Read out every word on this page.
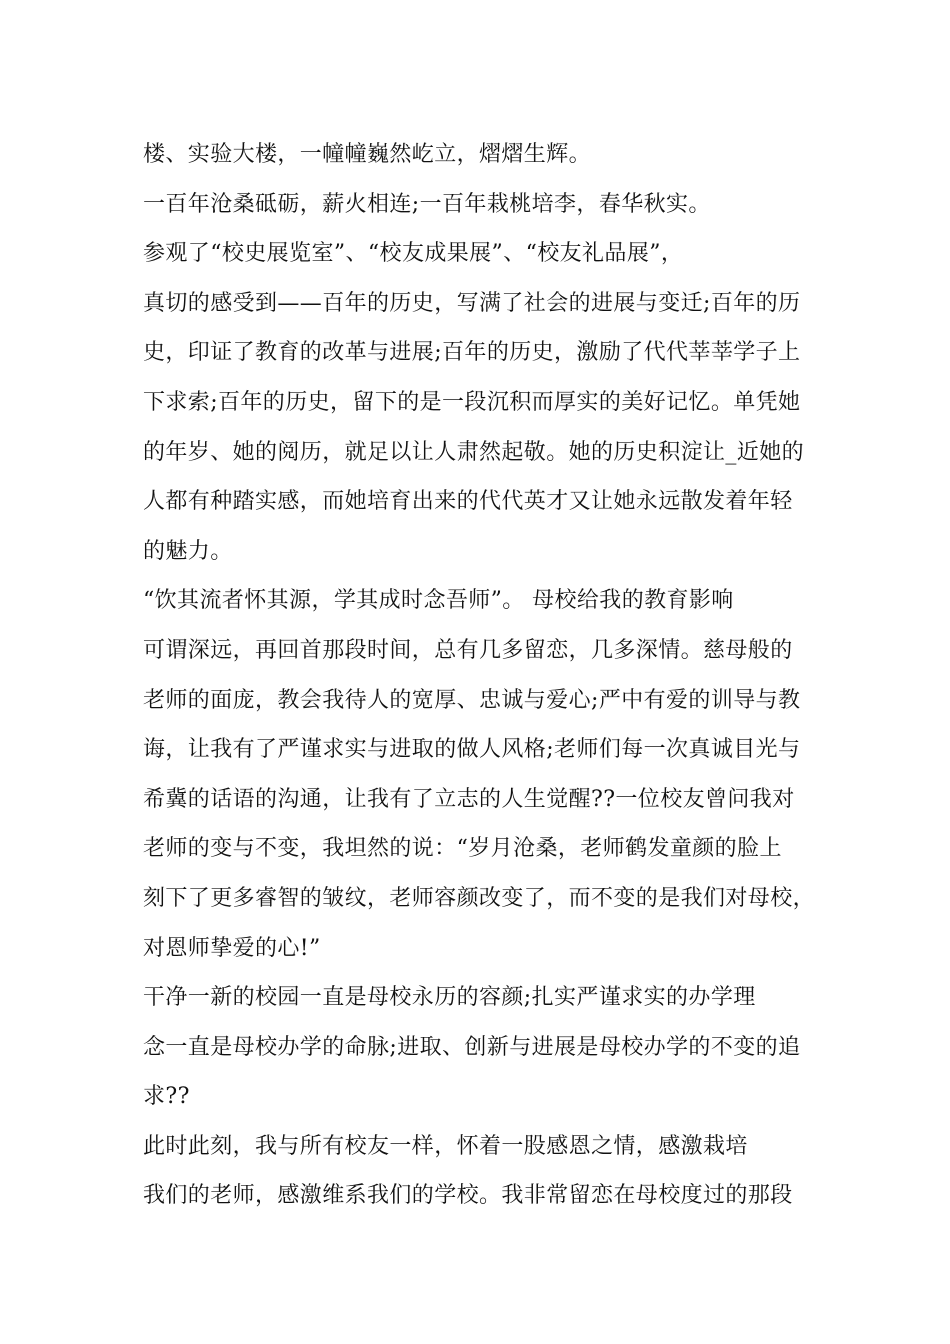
楼、实验大楼，一幢幢巍然屹立，熠熠生辉。
一百年沧桑砥砺，薪火相连;一百年栽桃培李，春华秋实。
参观了“校史展览室”、“校友成果展”、“校友礼品展”，
真切的感受到——百年的历史，写满了社会的进展与变迁;百年的历
史，印证了教育的改革与进展;百年的历史，激励了代代莘莘学子上
下求索;百年的历史，留下的是一段沉积而厚实的美好记忆。单凭她
的年岁、她的阅历，就足以让人肃然起敬。她的历史积淀让_近她的
人都有种踏实感，而她培育出来的代代英才又让她永远散发着年轻
的魅力。
“饮其流者怀其源，学其成时念吾师”。 母校给我的教育影响
可谓深远，再回首那段时间，总有几多留恋，几多深情。慈母般的
老师的面庞，教会我待人的宽厚、忠诚与爱心;严中有爱的训导与教
诲，让我有了严谨求实与进取的做人风格;老师们每一次真诚目光与
希冀的话语的沟通，让我有了立志的人生觉醒??一位校友曾问我对
老师的变与不变，我坦然的说：“岁月沧桑，老师鹤发童颜的脸上
刻下了更多睿智的皱纹，老师容颜改变了，而不变的是我们对母校，
对恩师挚爱的心!”
干净一新的校园一直是母校永历的容颜;扎实严谨求实的办学理
念一直是母校办学的命脉;进取、创新与进展是母校办学的不变的追
求??
此时此刻，我与所有校友一样，怀着一股感恩之情，感激栽培
我们的老师，感激维系我们的学校。我非常留恋在母校度过的那段
